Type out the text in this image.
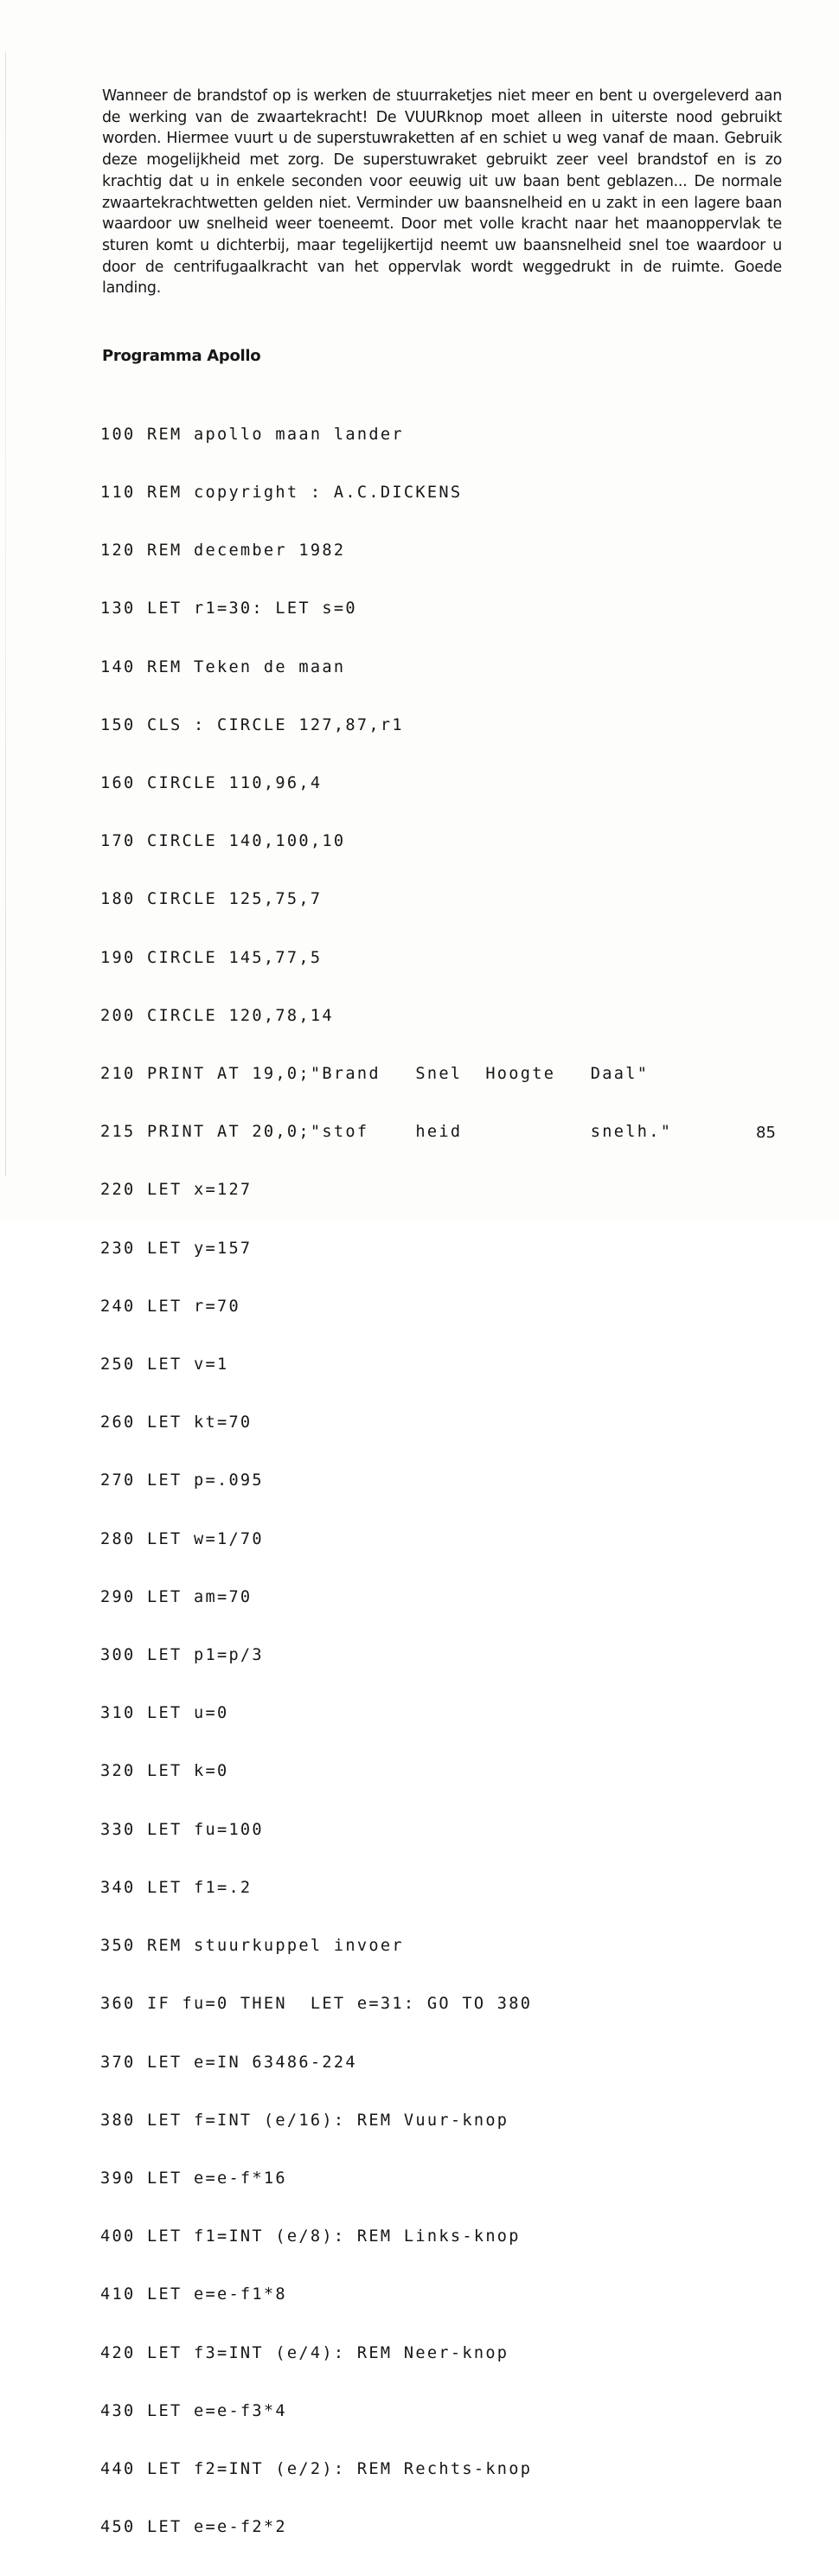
Wanneer de brandstof op is werken de stuurraketjes niet meer en bent u overgeleverd aan de werking van de zwaartekracht! De VUURknop moet alleen in uiterste nood gebruikt worden. Hiermee vuurt u de superstuwraketten af en schiet u weg vanaf de maan. Gebruik deze mogelijkheid met zorg. De superstuwraket gebruikt zeer veel brandstof en is zo krachtig dat u in enkele seconden voor eeuwig uit uw baan bent geblazen... De normale zwaartekrachtwetten gelden niet. Verminder uw baansnelheid en u zakt in een lagere baan waardoor uw snelheid weer toeneemt. Door met volle kracht naar het maanoppervlak te sturen komt u dichterbij, maar tegelijkertijd neemt uw baansnelheid snel toe waardoor u door de centrifugaalkracht van het oppervlak wordt weggedrukt in de ruimte. Goede landing.

Programma Apollo

100 REM apollo maan lander

110 REM copyright : A.C.DICKENS

120 REM december 1982

130 LET r1=30: LET s=0

140 REM Teken de maan

150 CLS : CIRCLE 127,87,r1

160 CIRCLE 110,96,4

170 CIRCLE 140,100,10

180 CIRCLE 125,75,7

190 CIRCLE 145,77,5

200 CIRCLE 120,78,14

210 PRINT AT 19,0;"Brand   Snel  Hoogte   Daal"

215 PRINT AT 20,0;"stof    heid           snelh."

220 LET x=127

230 LET y=157

240 LET r=70

250 LET v=1

260 LET kt=70

270 LET p=.095

280 LET w=1/70

290 LET am=70

300 LET p1=p/3

310 LET u=0

320 LET k=0

330 LET fu=100

340 LET f1=.2

350 REM stuurkuppel invoer

360 IF fu=0 THEN  LET e=31: GO TO 380

370 LET e=IN 63486-224

380 LET f=INT (e/16): REM Vuur-knop

390 LET e=e-f*16

400 LET f1=INT (e/8): REM Links-knop

410 LET e=e-f1*8

420 LET f3=INT (e/4): REM Neer-knop

430 LET e=e-f3*4

440 LET f2=INT (e/2): REM Rechts-knop

450 LET e=e-f2*2

85
